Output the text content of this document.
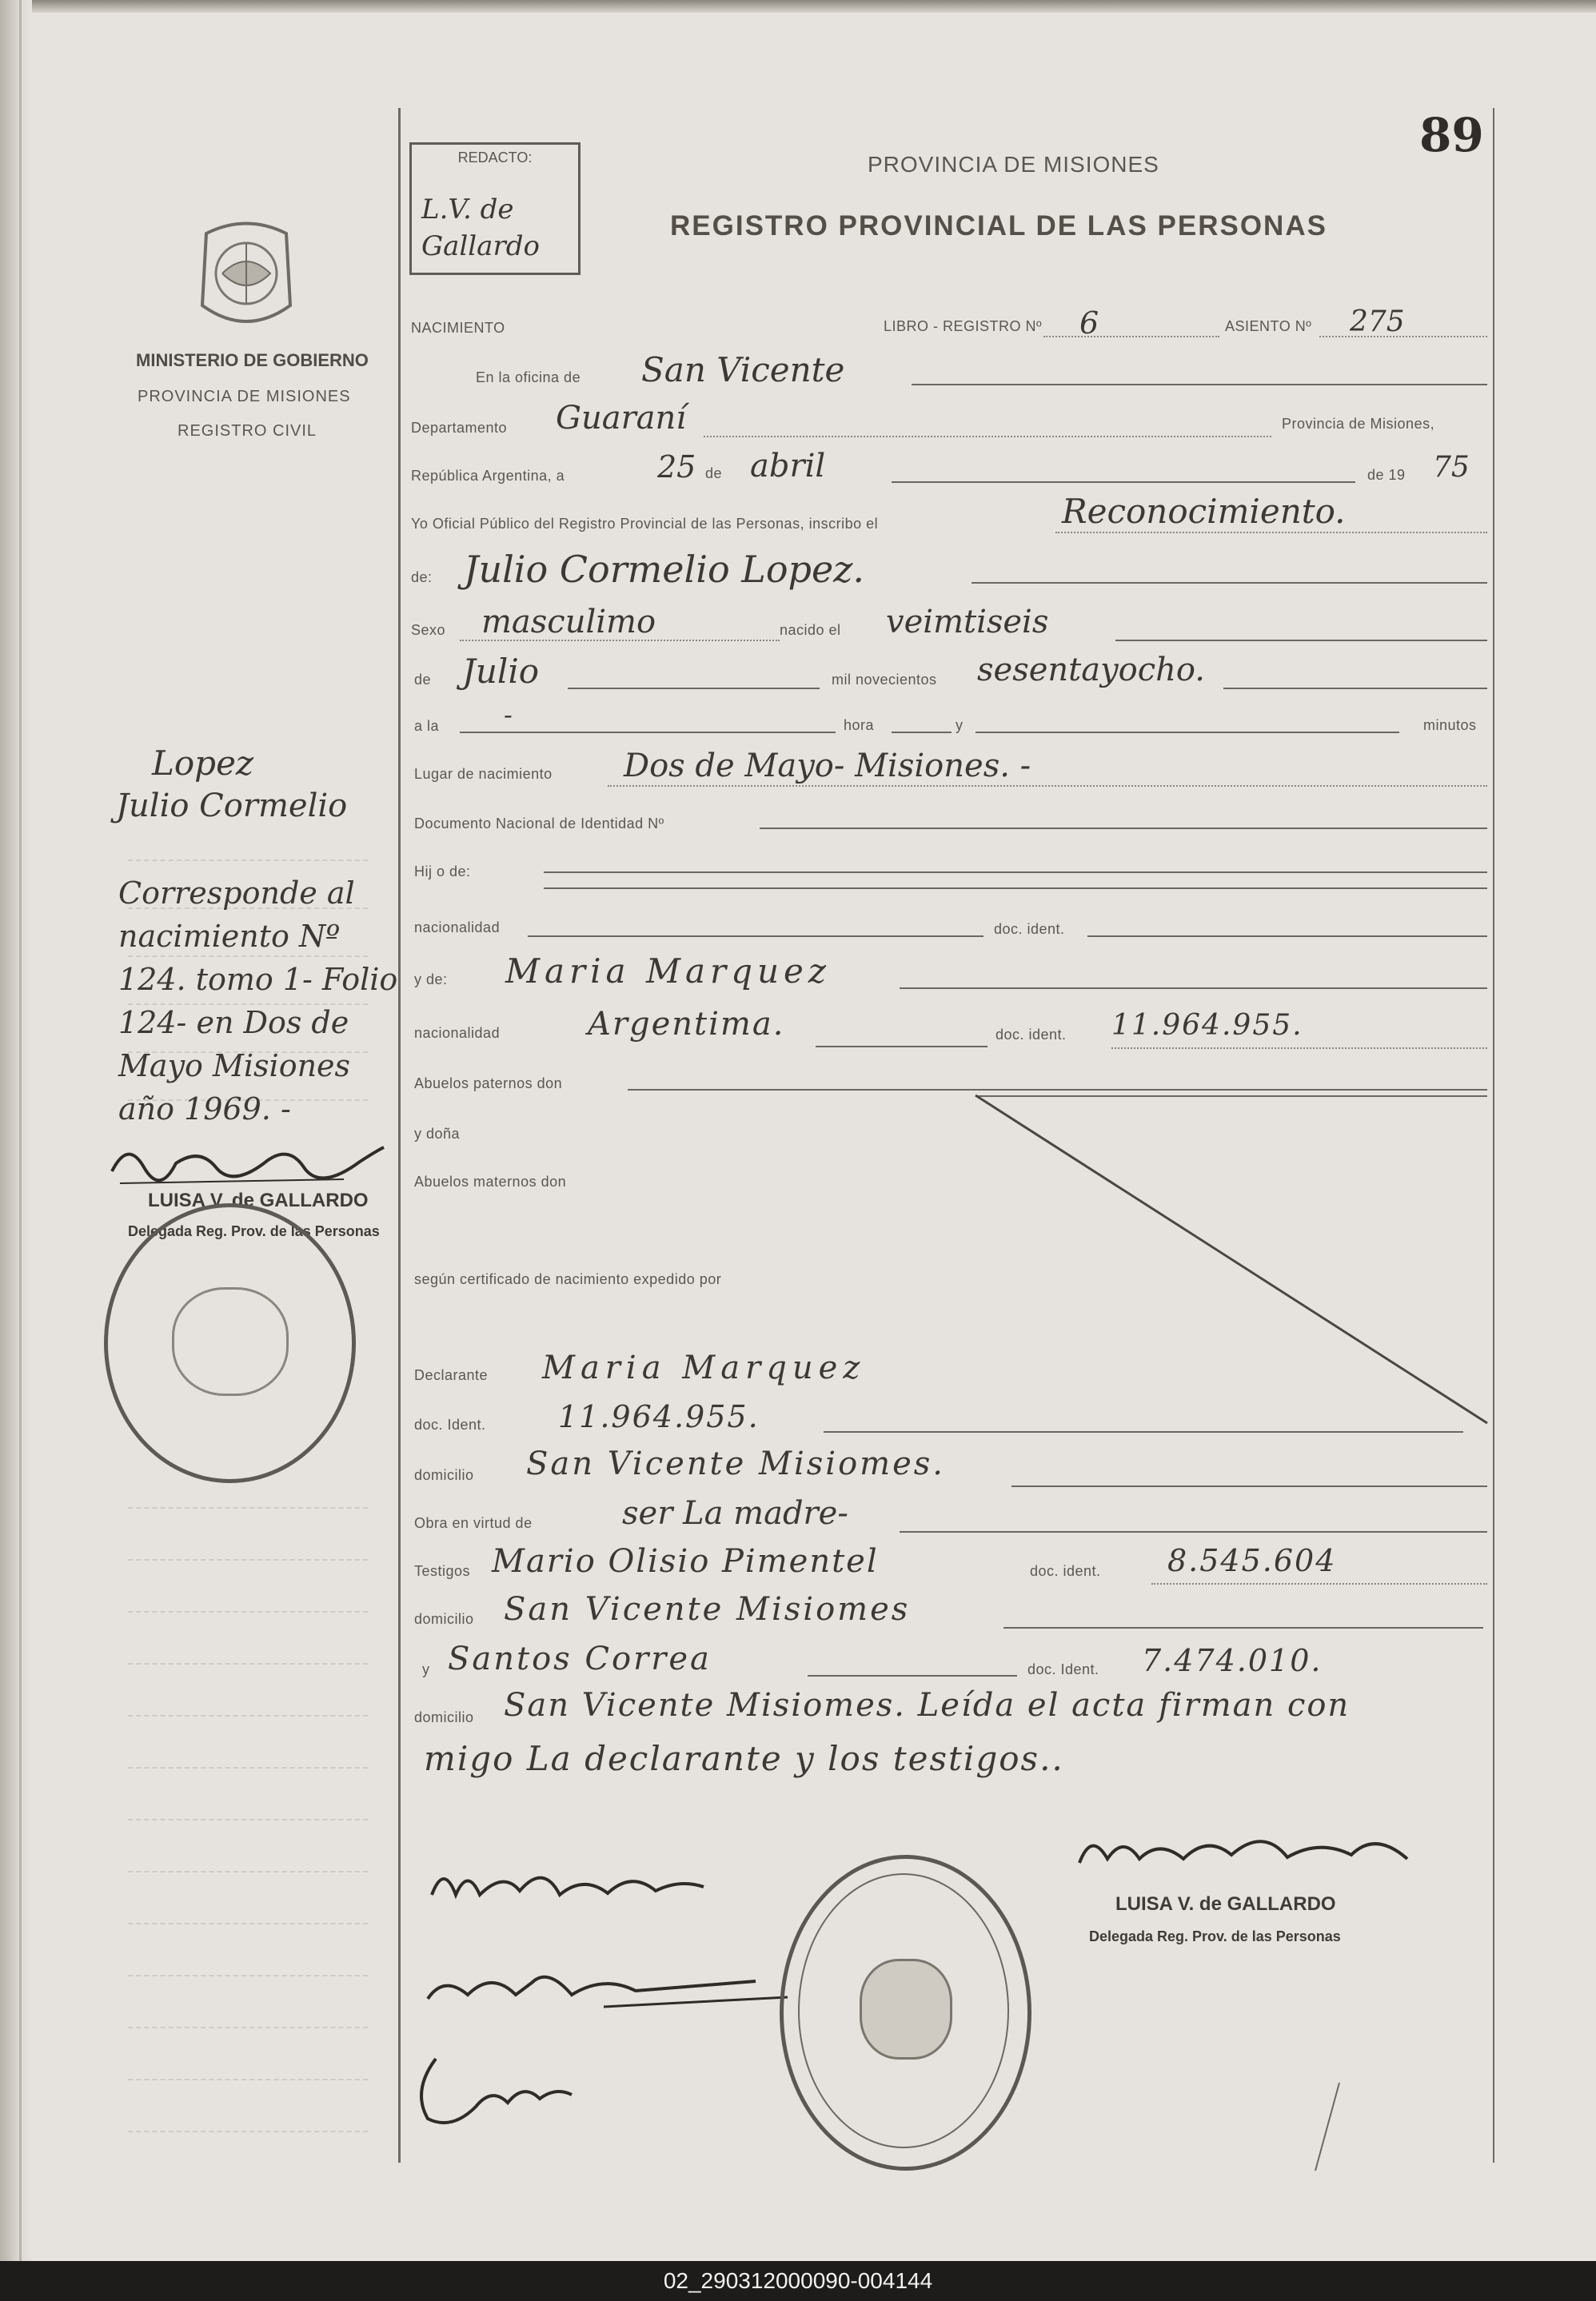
89
REDACTO:
L.V. de Gallardo
PROVINCIA DE MISIONES
REGISTRO PROVINCIAL DE LAS PERSONAS
MINISTERIO DE GOBIERNO
PROVINCIA DE MISIONES
REGISTRO CIVIL
NACIMIENTO	LIBRO - REGISTRO Nº 6	ASIENTO Nº 275
En la oficina de San Vicente
Departamento Guaraní	Provincia de Misiones,
República Argentina, a	25 de abril	de 19 75
Yo Oficial Público del Registro Provincial de las Personas, inscribo el	Reconocimiento.
de: Julio Cormelio Lopez.
Sexo masculimo	nacido el veimtiseis
de Julio	mil novecientos sesentayocho.
a la	-	hora	y	minutos
Lugar de nacimiento Dos de Mayo- Misiones. -
Documento Nacional de Identidad Nº
Hij o de:
nacionalidad	doc. ident.
y de: Maria Marquez
nacionalidad	Argentima.	doc. ident. 11.964.955.
Abuelos paternos don
y doña
Abuelos maternos don
según certificado de nacimiento expedido por
Declarante Maria Marquez
doc. Ident. 11.964.955.
domicilio San Vicente Misiomes.
Obra en virtud de	ser La madre-
Testigos Mario Olisio Pimentel	doc. ident. 8.545.604
domicilio San Vicente Misiomes
y Santos Correa	doc. Ident. 7.474.010.
domicilio San Vicente Misiomes. Leída el acta firman con
migo La declarante y los testigos..
Lopez
Julio Cormelio
Corresponde al
nacimiento Nº
124. tomo 1- Folio
124- en Dos de
Mayo Misiones
año 1969. -
LUISA V. de GALLARDO
Delegada Reg. Prov. de las Personas
LUISA V. de GALLARDO
Delegada Reg. Prov. de las Personas
02_290312000090-004144
